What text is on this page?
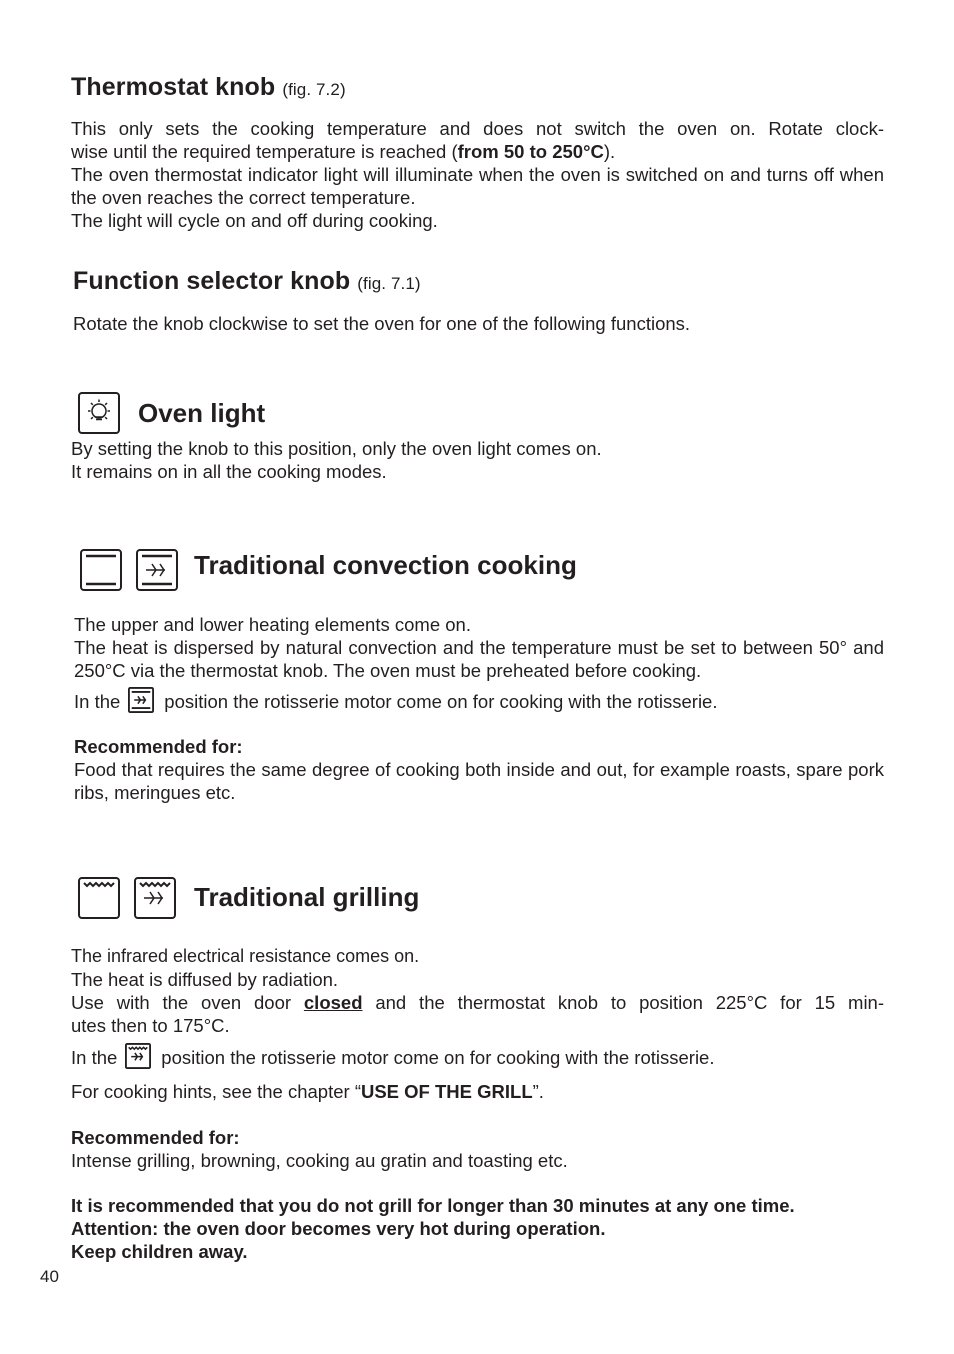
Thermostat knob (fig. 7.2)

This only sets the cooking temperature and does not switch the oven on. Rotate clock-

wise until the required temperature is reached (from 50 to 250°C).

The oven thermostat indicator light will illuminate when the oven is switched on and turns off when the oven reaches the correct temperature.

The light will cycle on and off during cooking.

Function selector knob (fig. 7.1)

Rotate the knob clockwise to set the oven for one of the following functions.

Oven light

By setting the knob to this position, only the oven light comes on.

It remains on in all the cooking modes.

Traditional convection cooking

The upper and lower heating elements come on.

The heat is dispersed by natural convection and the temperature must be set to between 50° and 250°C via the thermostat knob. The oven must be preheated before cooking.

In the position the rotisserie motor come on for cooking with the rotisserie.

Recommended for:

Food that requires the same degree of cooking both inside and out, for example roasts, spare pork ribs, meringues etc.

Traditional grilling

The infrared electrical resistance comes on.

The heat is diffused by radiation.

Use with the oven door closed and the thermostat knob to position 225°C for 15 min-

utes then to 175°C.

In the position the rotisserie motor come on for cooking with the rotisserie.

For cooking hints, see the chapter “USE OF THE GRILL”.

Recommended for:

Intense grilling, browning, cooking au gratin and toasting etc.

It is recommended that you do not grill for longer than 30 minutes at any one time.

Attention: the oven door becomes very hot during operation.

Keep children away.

40
